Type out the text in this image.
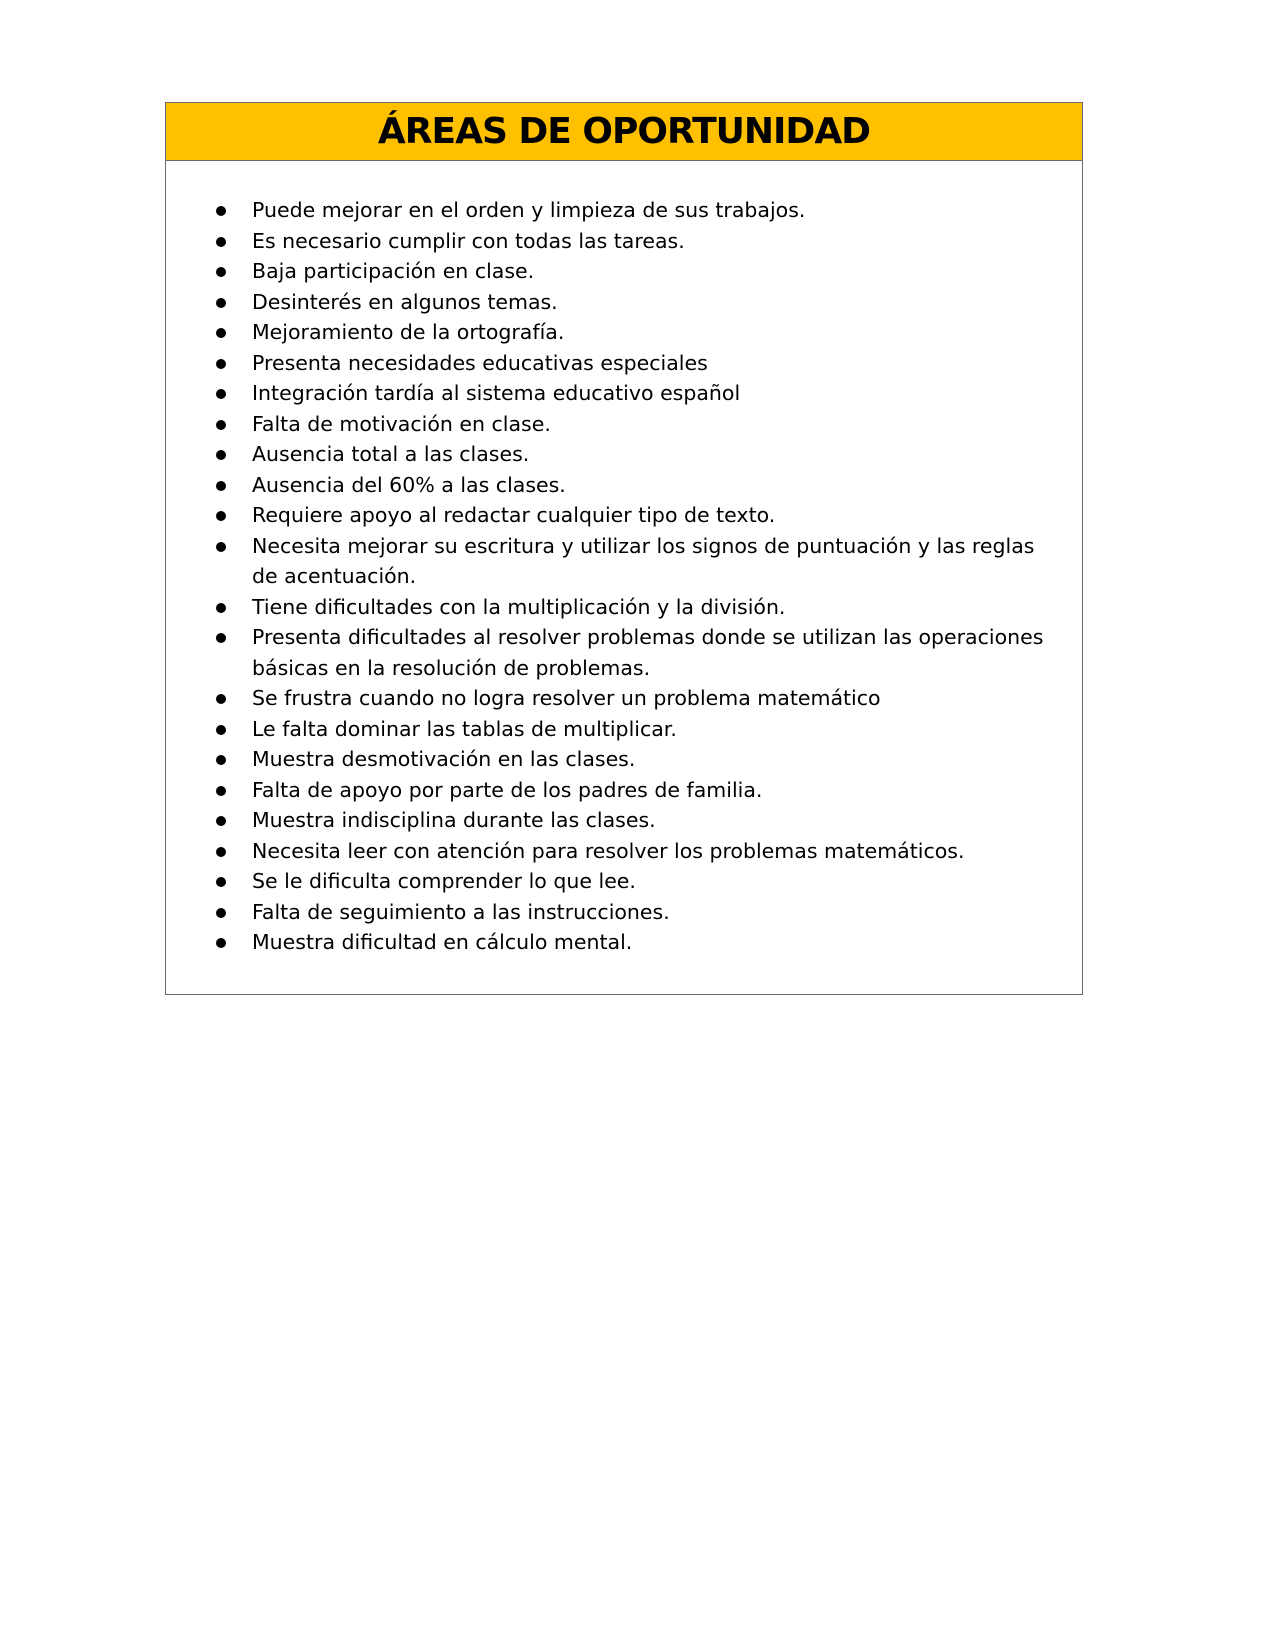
ÁREAS DE OPORTUNIDAD
Puede mejorar en el orden y limpieza de sus trabajos.
Es necesario cumplir con todas las tareas.
Baja participación en clase.
Desinterés en algunos temas.
Mejoramiento de la ortografía.
Presenta necesidades educativas especiales
Integración tardía al sistema educativo español
Falta de motivación en clase.
Ausencia total a las clases.
Ausencia del 60% a las clases.
Requiere apoyo al redactar cualquier tipo de texto.
Necesita mejorar su escritura y utilizar los signos de puntuación y las reglas de acentuación.
Tiene dificultades con la multiplicación y la división.
Presenta dificultades al resolver problemas donde se utilizan las operaciones básicas en la resolución de problemas.
Se frustra cuando no logra resolver un problema matemático
Le falta dominar las tablas de multiplicar.
Muestra desmotivación en las clases.
Falta de apoyo por parte de los padres de familia.
Muestra indisciplina durante las clases.
Necesita leer con atención para resolver los problemas matemáticos.
Se le dificulta comprender lo que lee.
Falta de seguimiento a las instrucciones.
Muestra dificultad en cálculo mental.
